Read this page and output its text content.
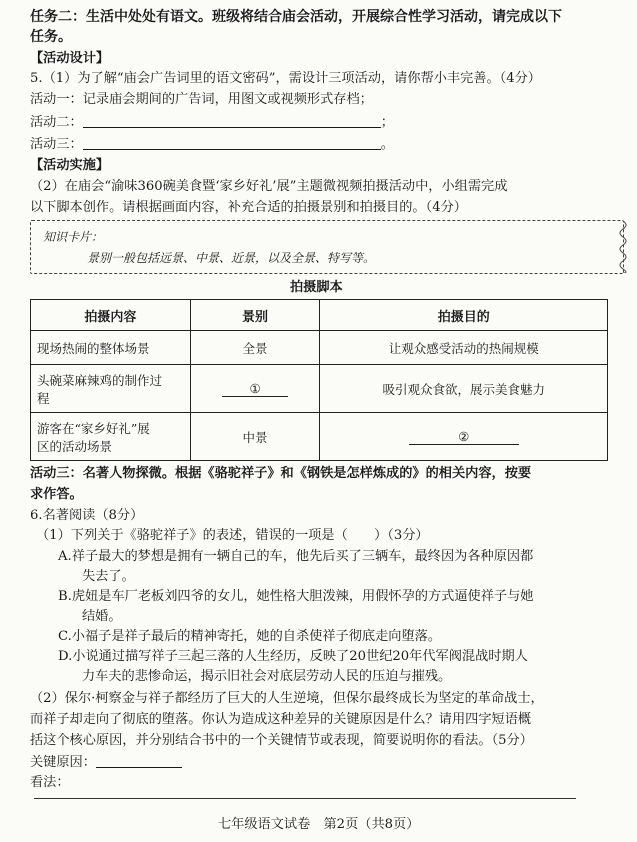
任务二：生活中处处有语文。班级将结合庙会活动，开展综合性学习活动，请完成以下
任务。
【活动设计】
5.（1）为了解“庙会广告词里的语文密码”，需设计三项活动，请你帮小丰完善。（4分）
活动一：记录庙会期间的广告词，用图文或视频形式存档；
活动二：	；
活动三：	。
【活动实施】
（2）在庙会“渝味360碗美食暨‘家乡好礼’展”主题微视频拍摄活动中，小组需完成
以下脚本创作。请根据画面内容，补充合适的拍摄景别和拍摄目的。（4分）
知识卡片：
景别一般包括远景、中景、近景，以及全景、特写等。
拍摄脚本
拍摄内容	景别	拍摄目的
现场热闹的整体场景	全景	让观众感受活动的热闹规模

头碗菜麻辣鸡的制作过
程	①	吸引观众食欲，展示美食魅力

游客在“家乡好礼”展
区的活动场景	中景	②
活动三：名著人物探微。根据《骆驼祥子》和《钢铁是怎样炼成的》的相关内容，按要
求作答。
6.名著阅读（8分）
（1）下列关于《骆驼祥子》的表述，错误的一项是（　　）（3分）
A.祥子最大的梦想是拥有一辆自己的车，他先后买了三辆车，最终因为各种原因都
失去了。
B.虎妞是车厂老板刘四爷的女儿，她性格大胆泼辣，用假怀孕的方式逼使祥子与她
结婚。
C.小福子是祥子最后的精神寄托，她的自杀使祥子彻底走向堕落。
D.小说通过描写祥子三起三落的人生经历，反映了20世纪20年代军阀混战时期人
力车夫的悲惨命运，揭示旧社会对底层劳动人民的压迫与摧残。
（2）保尔·柯察金与祥子都经历了巨大的人生逆境，但保尔最终成长为坚定的革命战士，
而祥子却走向了彻底的堕落。你认为造成这种差异的关键原因是什么？请用四字短语概
括这个核心原因，并分别结合书中的一个关键情节或表现，简要说明你的看法。（5分）
关键原因：
看法：
七年级语文试卷　第2页（共8页）
